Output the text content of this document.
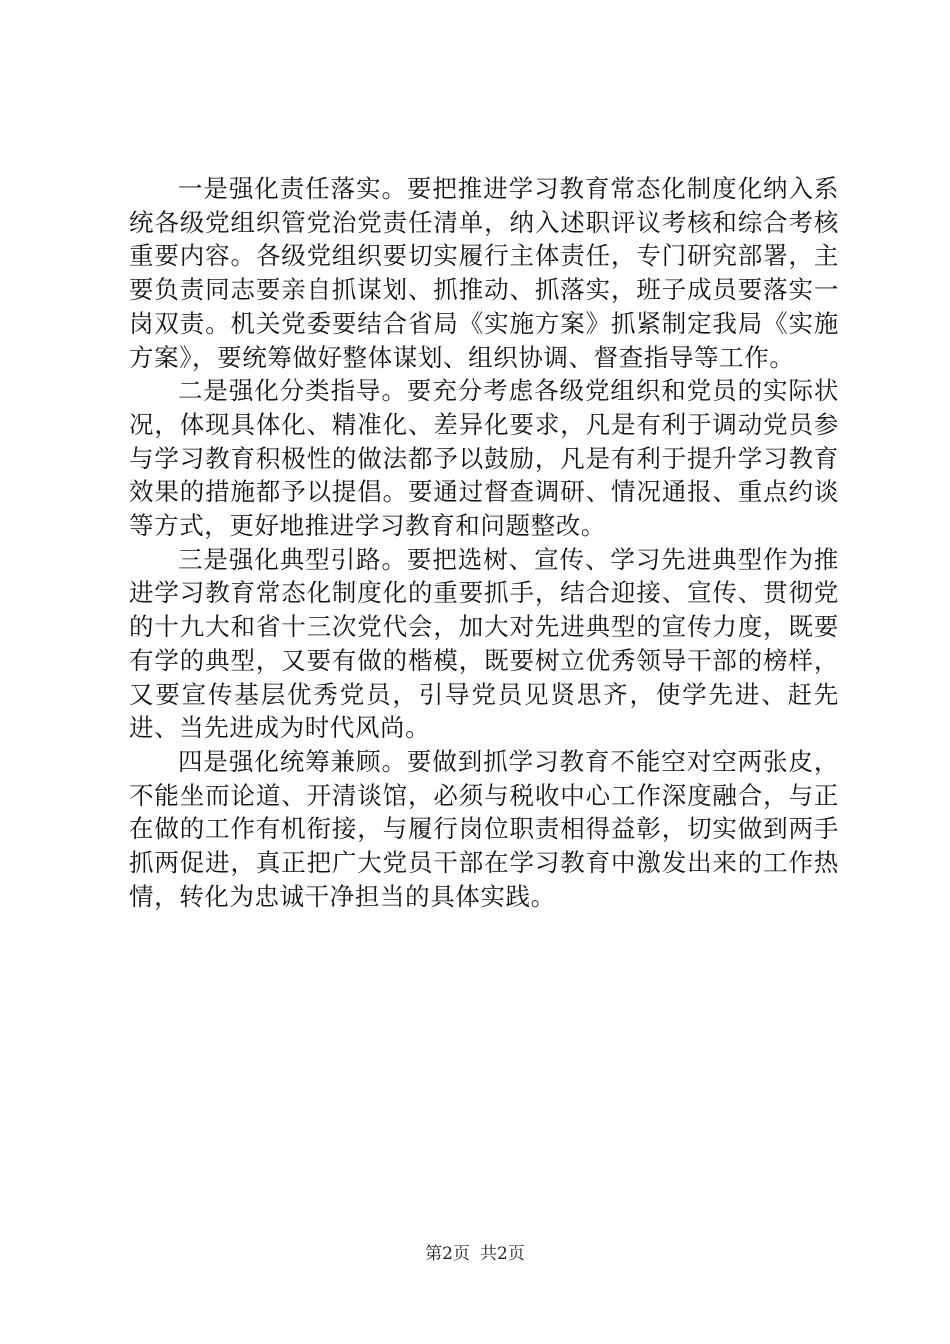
一是强化责任落实。要把推进学习教育常态化制度化纳入系统各级党组织管党治党责任清单，纳入述职评议考核和综合考核重要内容。各级党组织要切实履行主体责任，专门研究部署，主要负责同志要亲自抓谋划、抓推动、抓落实，班子成员要落实一岗双责。机关党委要结合省局《实施方案》抓紧制定我局《实施方案》，要统筹做好整体谋划、组织协调、督查指导等工作。

二是强化分类指导。要充分考虑各级党组织和党员的实际状况，体现具体化、精准化、差异化要求，凡是有利于调动党员参与学习教育积极性的做法都予以鼓励，凡是有利于提升学习教育效果的措施都予以提倡。要通过督查调研、情况通报、重点约谈等方式，更好地推进学习教育和问题整改。

三是强化典型引路。要把选树、宣传、学习先进典型作为推进学习教育常态化制度化的重要抓手，结合迎接、宣传、贯彻党的十九大和省十三次党代会，加大对先进典型的宣传力度，既要有学的典型，又要有做的楷模，既要树立优秀领导干部的榜样，又要宣传基层优秀党员，引导党员见贤思齐，使学先进、赶先进、当先进成为时代风尚。

四是强化统筹兼顾。要做到抓学习教育不能空对空两张皮，不能坐而论道、开清谈馆，必须与税收中心工作深度融合，与正在做的工作有机衔接，与履行岗位职责相得益彰，切实做到两手抓两促进，真正把广大党员干部在学习教育中激发出来的工作热情，转化为忠诚干净担当的具体实践。

第2页 共2页
